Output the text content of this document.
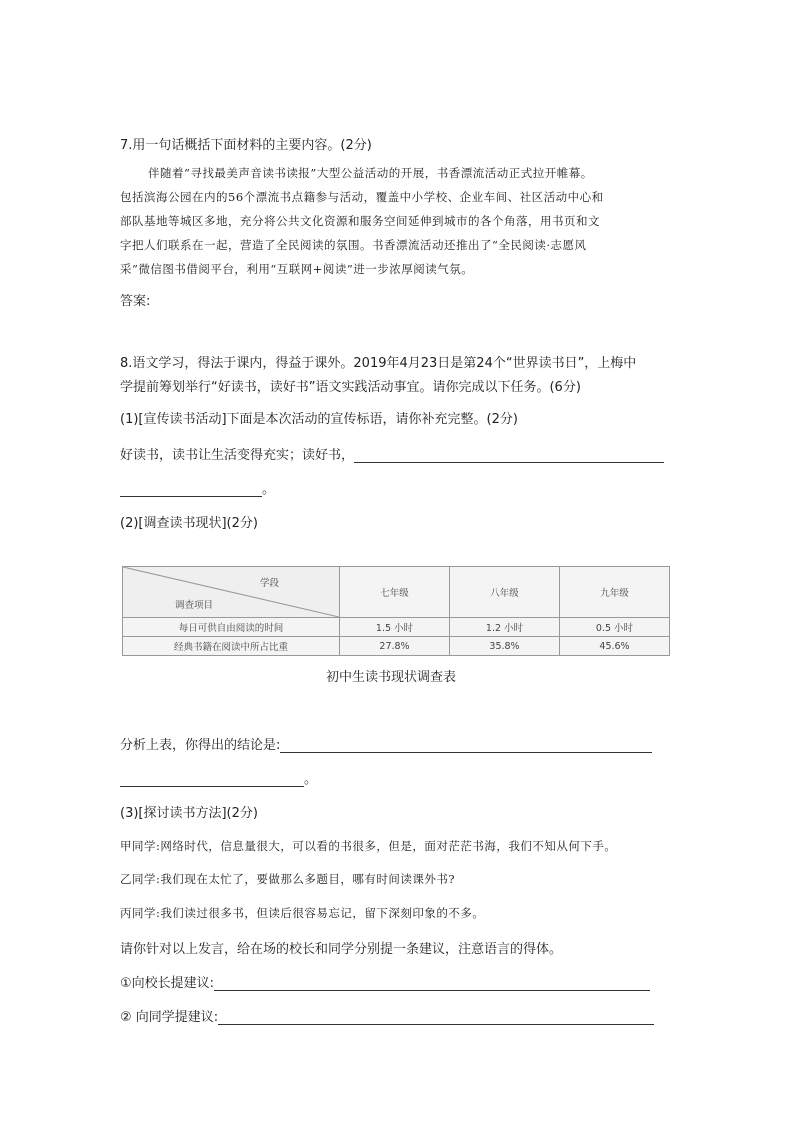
7.用一句话概括下面材料的主要内容。(2分)
伴随着“寻找最美声音读书读报”大型公益活动的开展，书香漂流活动正式拉开帷幕。
包括滨海公园在内的56个漂流书点籍参与活动，覆盖中小学校、企业车间、社区活动中心和
部队基地等城区多地，充分将公共文化资源和服务空间延伸到城市的各个角落，用书页和文
字把人们联系在一起，营造了全民阅读的氛围。书香漂流活动还推出了“全民阅读·志愿风
采”微信图书借阅平台，利用“互联网+阅读”进一步浓厚阅读气氛。
答案:
8.语文学习，得法于课内，得益于课外。2019年4月23日是第24个“世界读书日”，上梅中
学提前筹划举行“好读书，读好书”语文实践活动事宜。请你完成以下任务。(6分)
(1)[宣传读书活动]下面是本次活动的宣传标语，请你补充完整。(2分)
好读书，读书让生活变得充实；读好书，
。
(2)[调查读书现状](2分)
学段
调查项目	七年级	八年级	九年级
每日可供自由阅读的时间	1.5 小时	1.2 小时	0.5 小时
经典书籍在阅读中所占比重	27.8%	35.8%	45.6%
初中生读书现状调查表
分析上表，你得出的结论是:
。
(3)[探讨读书方法](2分)
甲同学:网络时代，信息量很大，可以看的书很多，但是，面对茫茫书海，我们不知从何下手。
乙同学:我们现在太忙了，要做那么多题目，哪有时间读课外书?
丙同学:我们读过很多书，但读后很容易忘记，留下深刻印象的不多。
请你针对以上发言，给在场的校长和同学分别提一条建议，注意语言的得体。
①向校长提建议:
② 向同学提建议:
